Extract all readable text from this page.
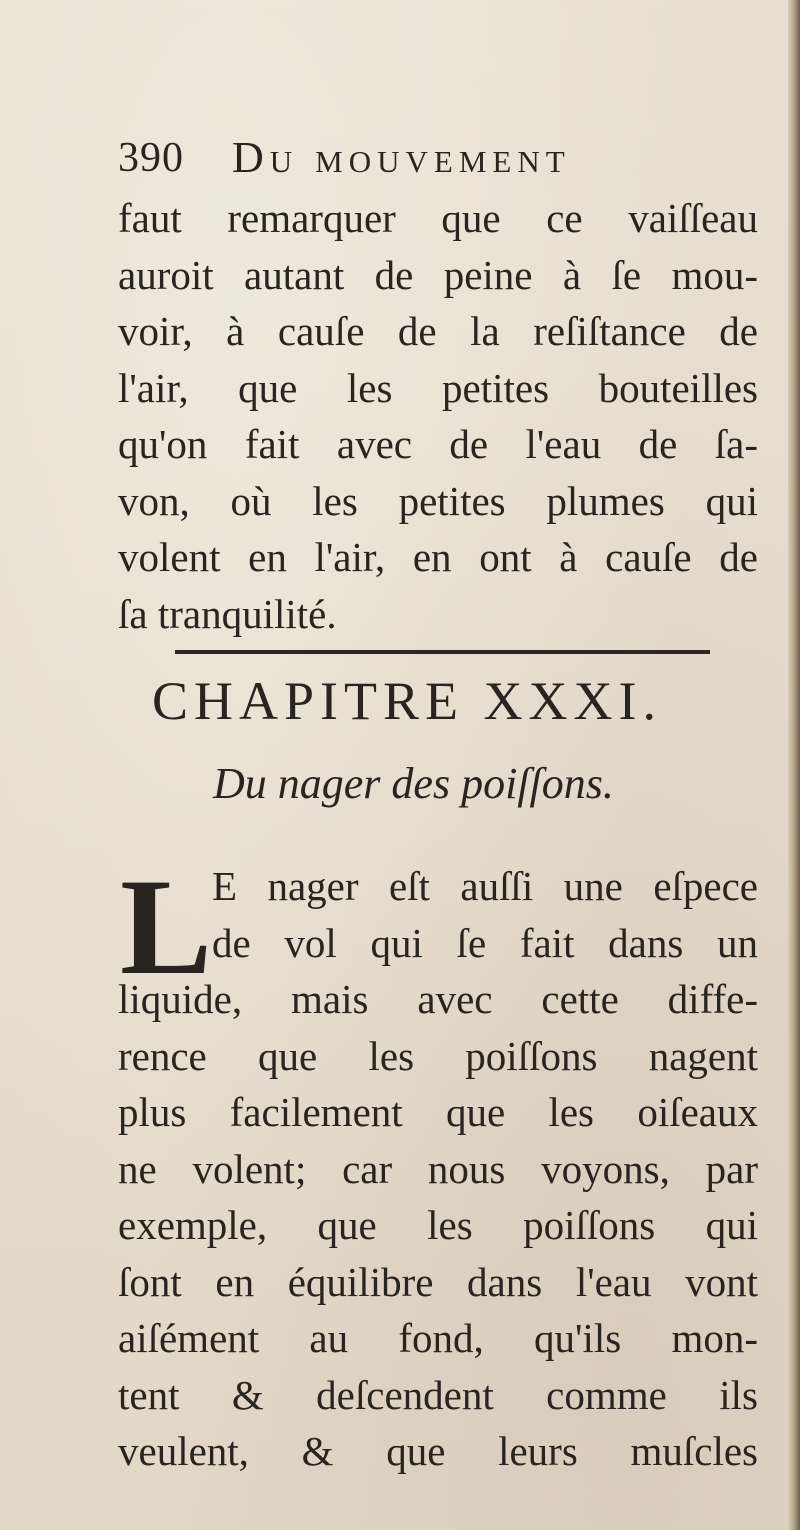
390 Du mouvement
faut remarquer que ce vaiſſeau
auroit autant de peine à ſe mou-
voir, à cauſe de la reſiſtance de
l'air, que les petites bouteilles
qu'on fait avec de l'eau de ſa-
von, où les petites plumes qui
volent en l'air, en ont à cauſe de
ſa tranquilité.
CHAPITRE XXXI.
Du nager des poiſſons.
L E nager eſt auſſi une eſpece
de vol qui ſe fait dans un
liquide, mais avec cette diffe-
rence que les poiſſons nagent
plus facilement que les oiſeaux
ne volent; car nous voyons, par
exemple, que les poiſſons qui
ſont en équilibre dans l'eau vont
aiſément au fond, qu'ils mon-
tent & deſcendent comme ils
veulent, & que leurs muſcles
